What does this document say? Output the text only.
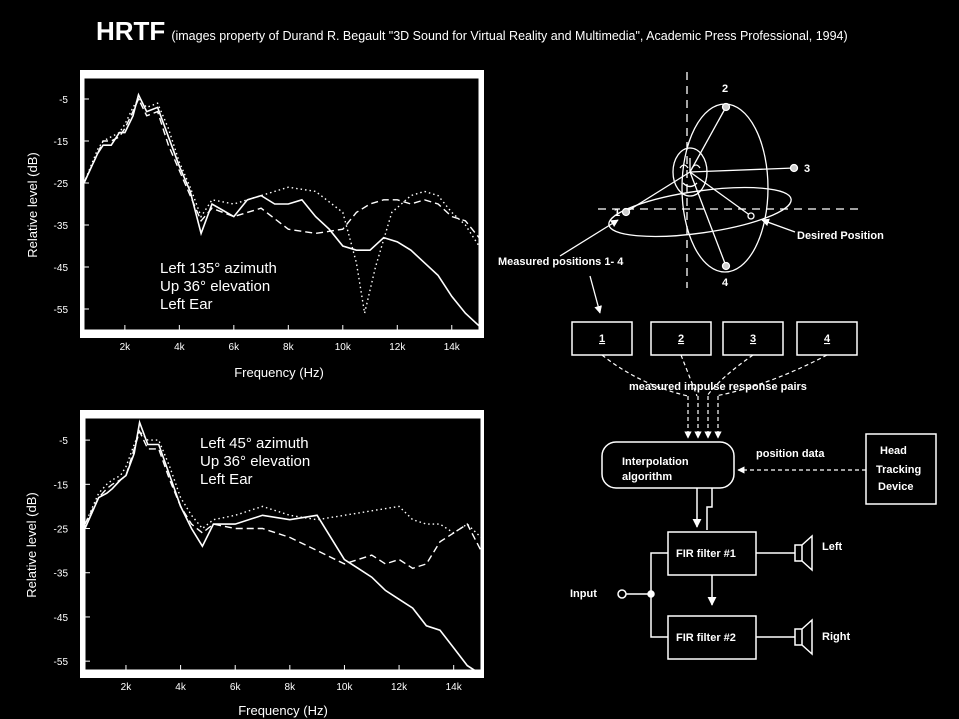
HRTF (images property of Durand R. Begault "3D Sound for Virtual Reality and Multimedia", Academic Press Professional, 1994)
2k	4k	6k	8k	10k	12k	14k
-5
-15
-25
-35
-45
-55
Left 135° azimuth
Up 36° elevation
Left Ear
Frequency (Hz)
Relative level (dB)
2k	4k	6k	8k	10k	12k	14k
-5
-15
-25
-35
-45
-55
Left 45° azimuth
Up 36° elevation
Left Ear
Frequency (Hz)
Relative level (dB)
2
3
1
4
Desired Position
Measured positions 1- 4
1	2	3	4
measured impulse response pairs
Interpolation
algorithm
position data	Head
Tracking
Device
Input
FIR filter #1
FIR filter #2
Left
Right
